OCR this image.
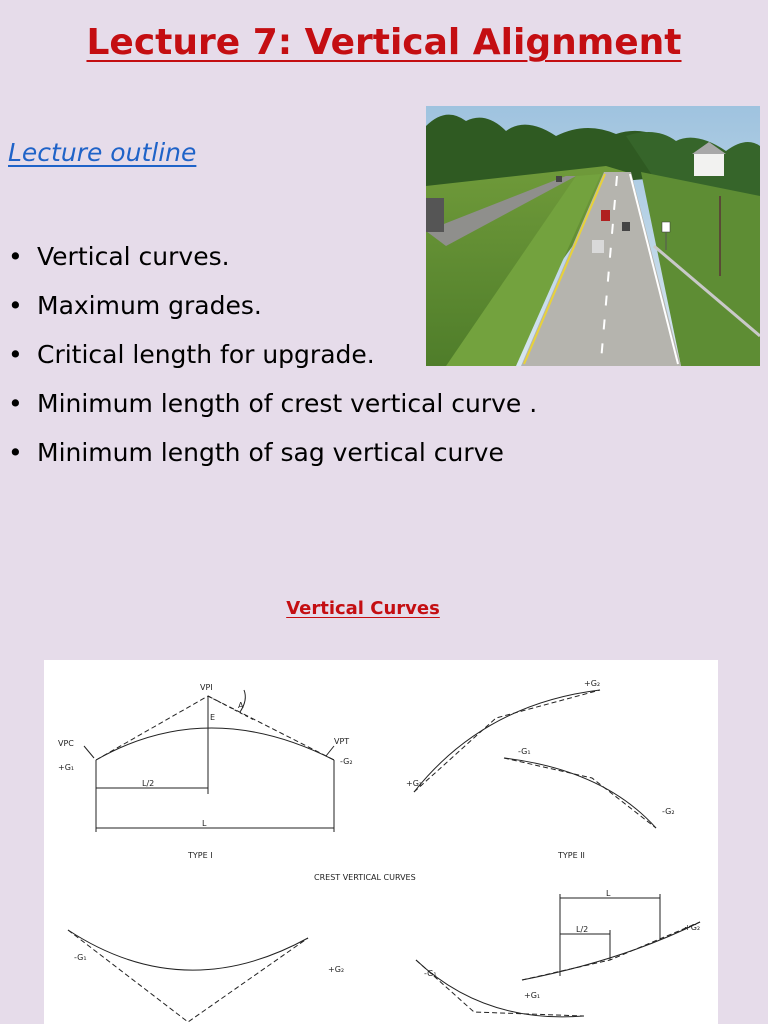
Lecture 7: Vertical Alignment
Lecture outline
• Vertical curves.
• Maximum grades.
• Critical length for upgrade.
• Minimum length of crest vertical curve .
• Minimum length of sag vertical curve
Vertical Curves
VPI
VPC	VPT
A
E
+G₁
-G₂
L/2
L
TYPE I
+G₂
+G₁
-G₁
-G₂
TYPE II
CREST VERTICAL CURVES
-G₁
+G₂
L
L/2
+G₁
-G₁
+G₂
